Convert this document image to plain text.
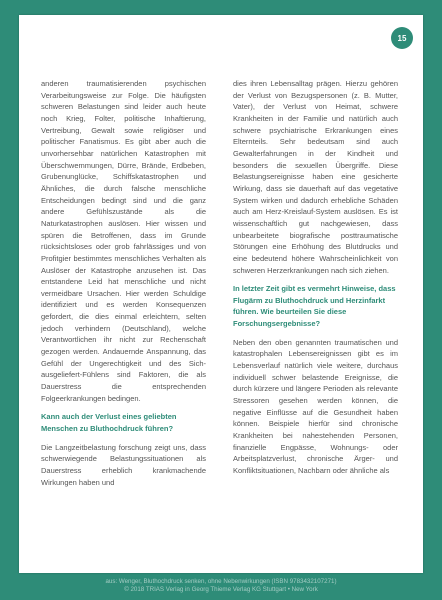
15

anderen traumatisierenden psychischen Verarbeitungsweise zur Folge. Die häufigsten schweren Belastungen sind leider auch heute noch Krieg, Folter, politische Inhaftierung, Vertreibung, Gewalt sowie religiöser und politischer Fanatismus. Es gibt aber auch die unvorhersehbar natürlichen Katastrophen mit Überschwemmungen, Dürre, Brände, Erdbeben, Grubenunglücke, Schiffskatastrophen und Ähnliches, die durch falsche menschliche Entscheidungen bedingt sind und die ganz andere Gefühlszustände als die Naturkatastrophen auslösen. Hier wissen und spüren die Betroffenen, dass im Grunde rücksichtsloses oder grob fahrlässiges und von Profitgier bestimmtes menschliches Verhalten als Auslöser der Katastrophe anzusehen ist. Das entstandene Leid hat menschliche und nicht vermeidbare Ursachen. Hier werden Schuldige identifiziert und es werden Konsequenzen gefordert, die dies einmal erleichtern, selten jedoch verhindern (Deutschland), welche Verantwortlichen ihr nicht zur Rechenschaft gezogen werden. Andauernde Anspannung, das Gefühl der Ungerechtigkeit und des Sich-ausgeliefert-Fühlens sind Faktoren, die als Dauerstress die entsprechenden Folgeerkrankungen bedingen.

Kann auch der Verlust eines geliebten Menschen zu Bluthochdruck führen?

Die Langzeitbelastung forschung zeigt uns, dass schwerwiegende Belastungssituationen als Dauerstress erheblich krankmachende Wirkungen haben und

dies ihren Lebensalltag prägen. Hierzu gehören der Verlust von Bezugspersonen (z. B. Mutter, Vater), der Verlust von Heimat, schwere Krankheiten in der Familie und natürlich auch schwere psychiatrische Erkrankungen eines Elternteils. Sehr bedeutsam sind auch Gewalterfahrungen in der Kindheit und besonders die sexuellen Übergriffe. Diese Belastungsereignisse haben eine gesicherte Wirkung, dass sie dauerhaft auf das vegetative System wirken und dadurch erhebliche Schäden auch am Herz-Kreislauf-System auslösen. Es ist wissenschaftlich gut nachgewiesen, dass unbearbeitete biografische posttraumatische Störungen eine Erhöhung des Blutdrucks und eine bedeutend höhere Wahrscheinlichkeit von schweren Herzerkrankungen nach sich ziehen.

In letzter Zeit gibt es vermehrt Hinweise, dass Flugärm zu Bluthochdruck und Herzinfarkt führen. Wie beurteilen Sie diese Forschungsergebnisse?

Neben den oben genannten traumatischen und katastrophalen Lebensereignissen gibt es im Lebensverlauf natürlich viele weitere, durchaus individuell schwer belastende Ereignisse, die durch kürzere und längere Perioden als relevante Stressoren gesehen werden können, die negative Einflüsse auf die Gesundheit haben können. Beispiele hierfür sind chronische Krankheiten bei nahestehenden Personen, finanzielle Engpässe, Wohnungs- oder Arbeitsplatzverlust, chronische Ärger- und Konfliktsituationen, Nachbarn oder ähnliche als

aus: Wenger, Bluthochdruck senken, ohne Nebenwirkungen (ISBN 9783432107271)
© 2018 TRIAS Verlag in Georg Thieme Verlag KG Stuttgart • New York
